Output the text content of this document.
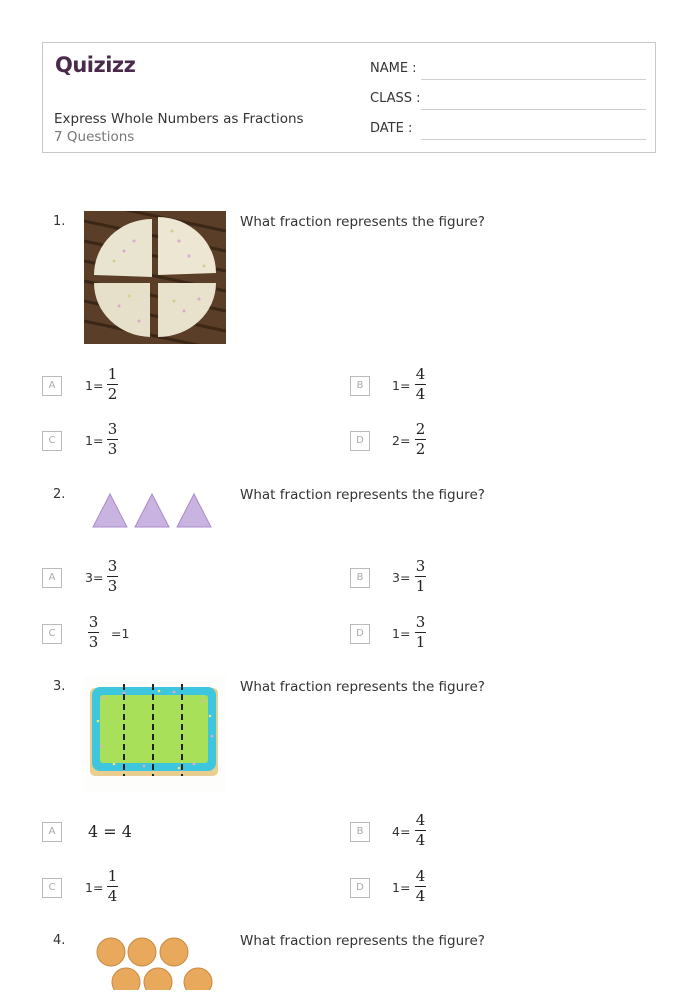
Quizizz
Express Whole Numbers as Fractions
7 Questions
NAME :
CLASS :
DATE :
1.	What fraction represents the figure?
A	1=
1
2	B	1=
4
4
C	1=
3
3	D	2=
2
2
2.	What fraction represents the figure?
A	3=
3
3	B	3=
3
1
C
3
3 =1	D	1=
3
1
3.	What fraction represents the figure?
A	4 = 4	B	4=
4
4
C	1=
1
4	D	1=
4
4
4.	What fraction represents the figure?
